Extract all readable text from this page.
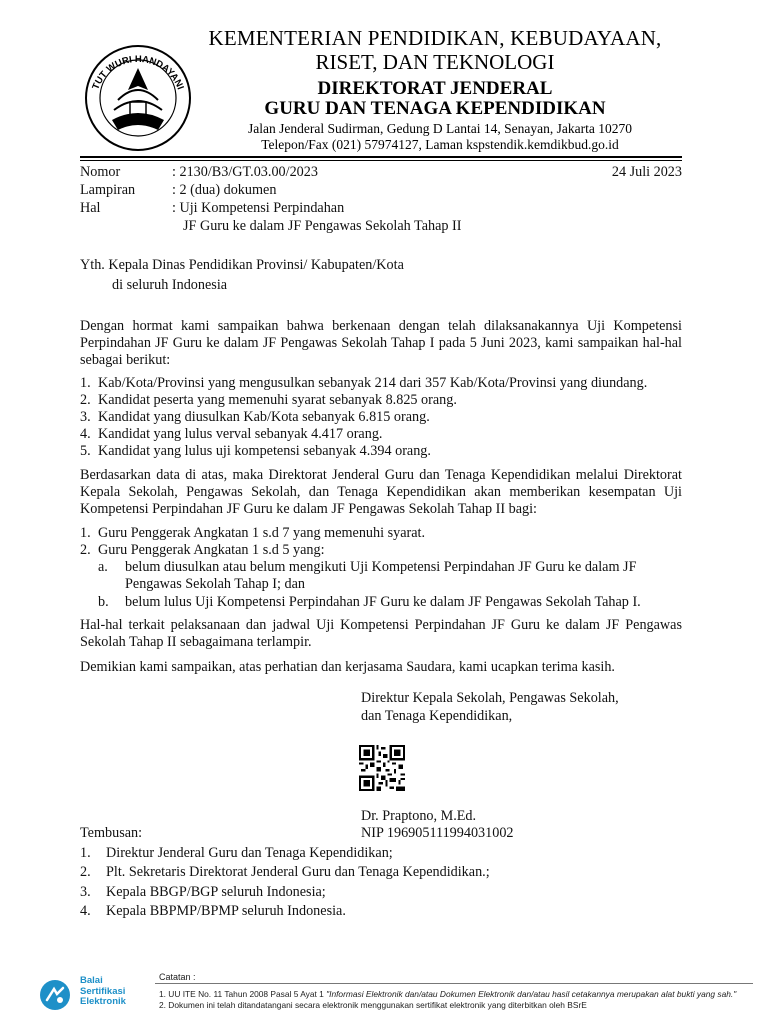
TUT WURI HANDAYANI
KEMENTERIAN PENDIDIKAN, KEBUDAYAAN,
RISET, DAN TEKNOLOGI
DIREKTORAT JENDERAL
GURU DAN TENAGA KEPENDIDIKAN
Jalan Jenderal Sudirman, Gedung D Lantai 14, Senayan, Jakarta 10270
Telepon/Fax (021) 57974127, Laman kspstendik.kemdikbud.go.id
Nomor	: 2130/B3/GT.03.00/2023	24 Juli 2023
Lampiran	: 2 (dua) dokumen
Hal	: Uji Kompetensi Perpindahan
JF Guru ke dalam JF Pengawas Sekolah Tahap II
Yth. Kepala Dinas Pendidikan Provinsi/ Kabupaten/Kota
di seluruh Indonesia
Dengan hormat kami sampaikan bahwa berkenaan dengan telah dilaksanakannya Uji Kompetensi Perpindahan JF Guru ke dalam JF Pengawas Sekolah Tahap I pada 5 Juni 2023, kami sampaikan hal-hal sebagai berikut:
1. Kab/Kota/Provinsi yang mengusulkan sebanyak 214 dari 357 Kab/Kota/Provinsi yang diundang.
2. Kandidat peserta yang memenuhi syarat sebanyak 8.825 orang.
3. Kandidat yang diusulkan Kab/Kota sebanyak 6.815 orang.
4. Kandidat yang lulus verval sebanyak 4.417 orang.
5. Kandidat yang lulus uji kompetensi sebanyak 4.394 orang.
Berdasarkan data di atas, maka Direktorat Jenderal Guru dan Tenaga Kependidikan melalui Direktorat Kepala Sekolah, Pengawas Sekolah, dan Tenaga Kependidikan akan memberikan kesempatan Uji Kompetensi Perpindahan JF Guru ke dalam JF Pengawas Sekolah Tahap II bagi:
1. Guru Penggerak Angkatan 1 s.d 7 yang memenuhi syarat.
2. Guru Penggerak Angkatan 1 s.d 5 yang:
a. belum diusulkan atau belum mengikuti Uji Kompetensi Perpindahan JF Guru ke dalam JF Pengawas Sekolah Tahap I; dan
b. belum lulus Uji Kompetensi Perpindahan JF Guru ke dalam JF Pengawas Sekolah Tahap I.
Hal-hal terkait pelaksanaan dan jadwal Uji Kompetensi Perpindahan JF Guru ke dalam JF Pengawas Sekolah Tahap II sebagaimana terlampir.
Demikian kami sampaikan, atas perhatian dan kerjasama Saudara, kami ucapkan terima kasih.
Direktur Kepala Sekolah, Pengawas Sekolah,
dan Tenaga Kependidikan,
Dr. Praptono, M.Ed.
NIP 196905111994031002
Tembusan:
1. Direktur Jenderal Guru dan Tenaga Kependidikan;
2. Plt. Sekretaris Direktorat Jenderal Guru dan Tenaga Kependidikan.;
3. Kepala BBGP/BGP seluruh Indonesia;
4. Kepala BBPMP/BPMP seluruh Indonesia.
Balai
Sertifikasi
Elektronik
Catatan :
1. UU ITE No. 11 Tahun 2008 Pasal 5 Ayat 1 "Informasi Elektronik dan/atau Dokumen Elektronik dan/atau hasil cetakannya merupakan alat bukti yang sah."
2. Dokumen ini telah ditandatangani secara elektronik menggunakan sertifikat elektronik yang diterbitkan oleh BSrE
